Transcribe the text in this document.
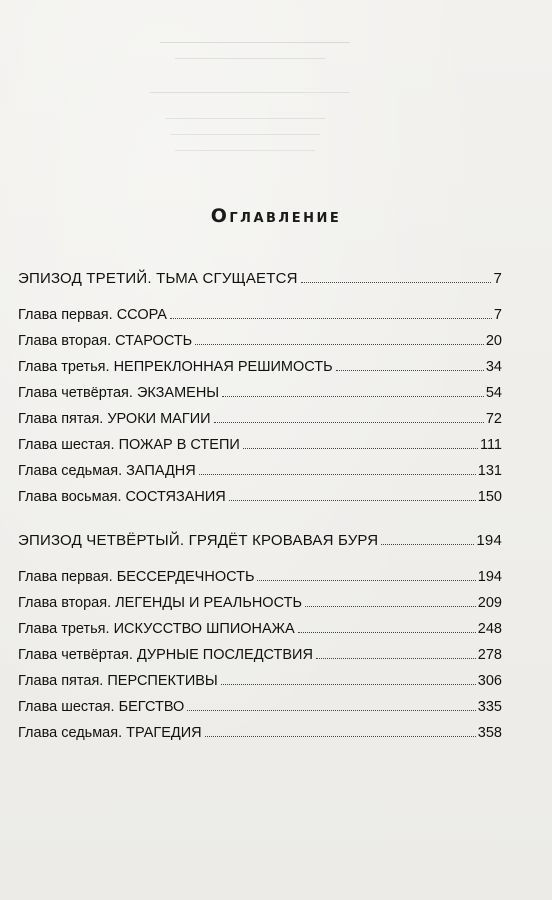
Оглавление
ЭПИЗОД ТРЕТИЙ. ТЬМА СГУЩАЕТСЯ	7
Глава первая. ССОРА	7
Глава вторая. СТАРОСТЬ	20
Глава третья. НЕПРЕКЛОННАЯ РЕШИМОСТЬ	34
Глава четвёртая. ЭКЗАМЕНЫ	54
Глава пятая. УРОКИ МАГИИ	72
Глава шестая. ПОЖАР В СТЕПИ	111
Глава седьмая. ЗАПАДНЯ	131
Глава восьмая. СОСТЯЗАНИЯ	150
ЭПИЗОД ЧЕТВЁРТЫЙ. ГРЯДЁТ КРОВАВАЯ БУРЯ	194
Глава первая. БЕССЕРДЕЧНОСТЬ	194
Глава вторая. ЛЕГЕНДЫ И РЕАЛЬНОСТЬ	209
Глава третья. ИСКУССТВО ШПИОНАЖА	248
Глава четвёртая. ДУРНЫЕ ПОСЛЕДСТВИЯ	278
Глава пятая. ПЕРСПЕКТИВЫ	306
Глава шестая. БЕГСТВО	335
Глава седьмая. ТРАГЕДИЯ	358
